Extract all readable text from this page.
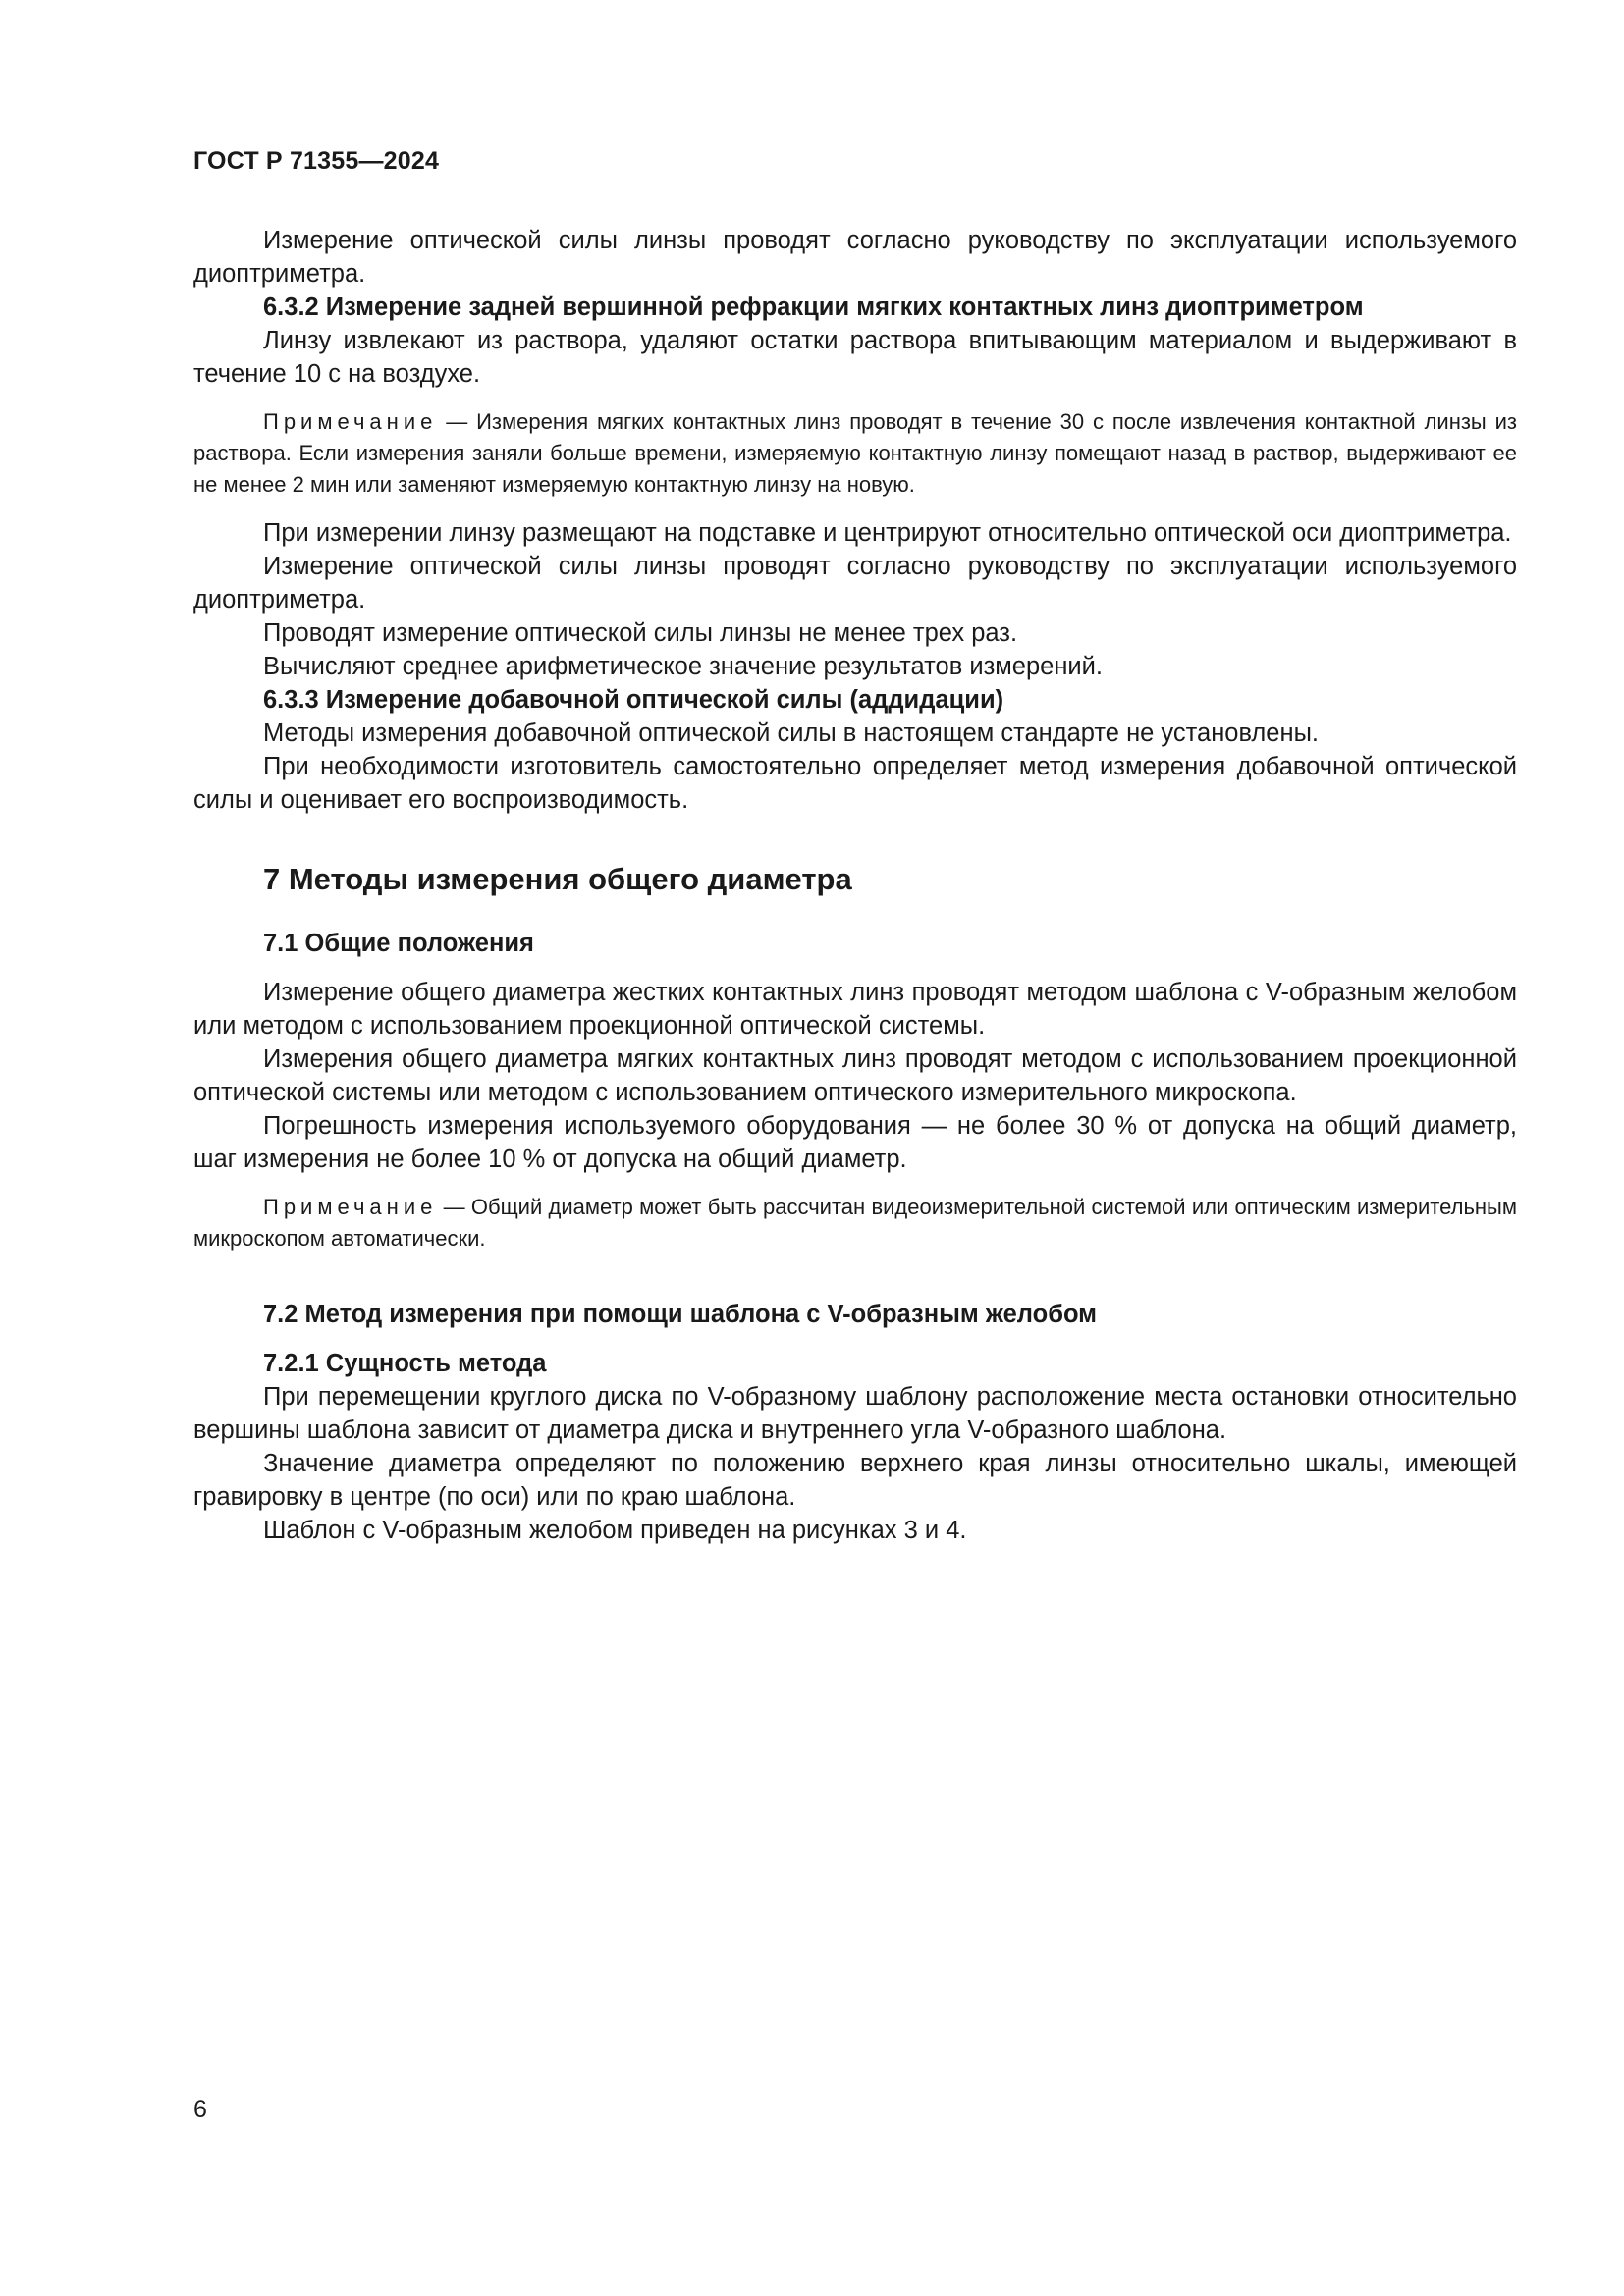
ГОСТ Р 71355—2024

Измерение оптической силы линзы проводят согласно руководству по эксплуатации используемого диоптриметра.

6.3.2 Измерение задней вершинной рефракции мягких контактных линз диоптриметром

Линзу извлекают из раствора, удаляют остатки раствора впитывающим материалом и выдерживают в течение 10 с на воздухе.

Примечание — Измерения мягких контактных линз проводят в течение 30 с после извлечения контактной линзы из раствора. Если измерения заняли больше времени, измеряемую контактную линзу помещают назад в раствор, выдерживают ее не менее 2 мин или заменяют измеряемую контактную линзу на новую.

При измерении линзу размещают на подставке и центрируют относительно оптической оси диоптриметра.

Измерение оптической силы линзы проводят согласно руководству по эксплуатации используемого диоптриметра.

Проводят измерение оптической силы линзы не менее трех раз.

Вычисляют среднее арифметическое значение результатов измерений.

6.3.3 Измерение добавочной оптической силы (аддидации)

Методы измерения добавочной оптической силы в настоящем стандарте не установлены.

При необходимости изготовитель самостоятельно определяет метод измерения добавочной оптической силы и оценивает его воспроизводимость.

7 Методы измерения общего диаметра
7.1 Общие положения

Измерение общего диаметра жестких контактных линз проводят методом шаблона с V-образным желобом или методом с использованием проекционной оптической системы.

Измерения общего диаметра мягких контактных линз проводят методом с использованием проекционной оптической системы или методом с использованием оптического измерительного микроскопа.

Погрешность измерения используемого оборудования — не более 30 % от допуска на общий диаметр, шаг измерения не более 10 % от допуска на общий диаметр.

Примечание — Общий диаметр может быть рассчитан видеоизмерительной системой или оптическим измерительным микроскопом автоматически.

7.2 Метод измерения при помощи шаблона с V-образным желобом
7.2.1 Сущность метода

При перемещении круглого диска по V-образному шаблону расположение места остановки относительно вершины шаблона зависит от диаметра диска и внутреннего угла V-образного шаблона.

Значение диаметра определяют по положению верхнего края линзы относительно шкалы, имеющей гравировку в центре (по оси) или по краю шаблона.

Шаблон с V-образным желобом приведен на рисунках 3 и 4.

6
